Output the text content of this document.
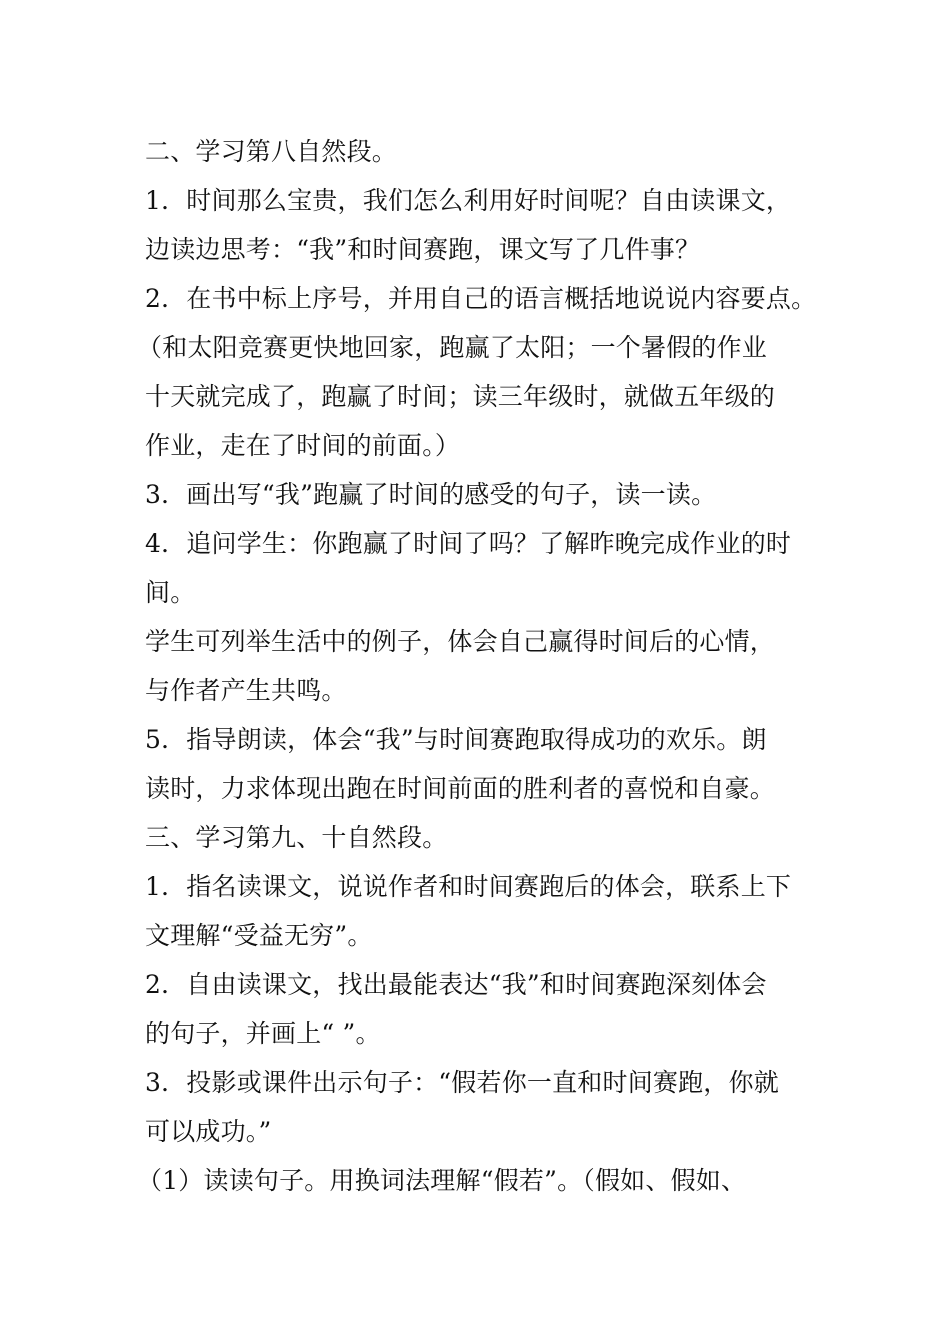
二、学习第八自然段。
1．时间那么宝贵，我们怎么利用好时间呢？自由读课文，
边读边思考：“我”和时间赛跑，课文写了几件事？
2．在书中标上序号，并用自己的语言概括地说说内容要点。
（和太阳竞赛更快地回家，跑赢了太阳；一个暑假的作业
十天就完成了，跑赢了时间；读三年级时，就做五年级的
作业，走在了时间的前面。）
3．画出写“我”跑赢了时间的感受的句子，读一读。
4．追问学生：你跑赢了时间了吗？了解昨晚完成作业的时
间。
学生可列举生活中的例子，体会自己赢得时间后的心情，
与作者产生共鸣。
5．指导朗读，体会“我”与时间赛跑取得成功的欢乐。朗
读时，力求体现出跑在时间前面的胜利者的喜悦和自豪。
三、学习第九、十自然段。
1．指名读课文，说说作者和时间赛跑后的体会，联系上下
文理解“受益无穷”。
2．自由读课文，找出最能表达“我”和时间赛跑深刻体会
的句子，并画上“ ”。
3．投影或课件出示句子：“假若你一直和时间赛跑，你就
可以成功。”
（1）读读句子。用换词法理解“假若”。（假如、假如、
